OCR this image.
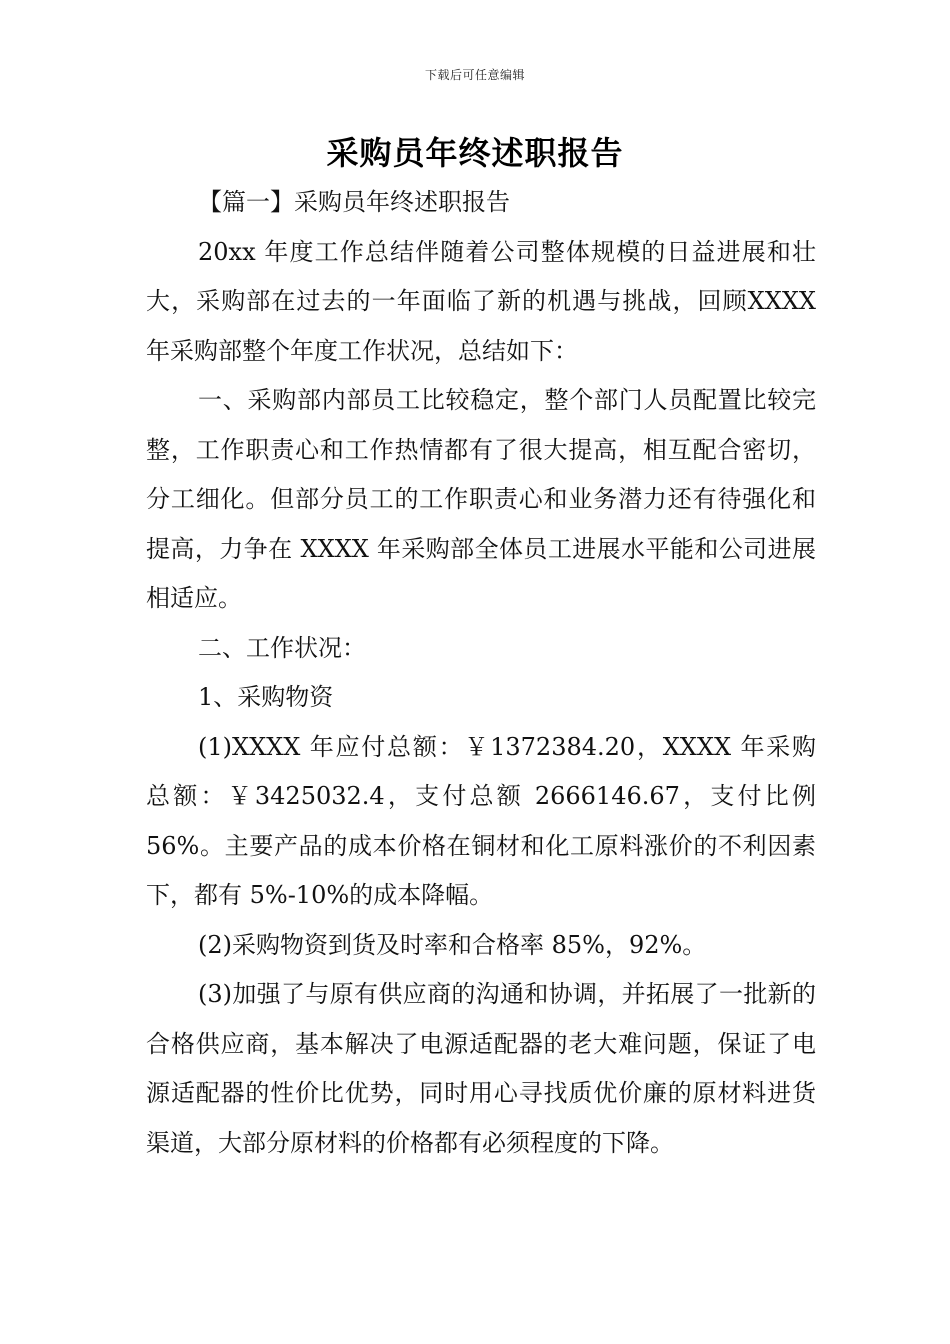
下载后可任意编辑
采购员年终述职报告

【篇一】采购员年终述职报告

20xx 年度工作总结伴随着公司整体规模的日益进展和壮大，采购部在过去的一年面临了新的机遇与挑战，回顾XXXX 年采购部整个年度工作状况，总结如下：

一、采购部内部员工比较稳定，整个部门人员配置比较完整，工作职责心和工作热情都有了很大提高，相互配合密切，分工细化。但部分员工的工作职责心和业务潜力还有待强化和提高，力争在 XXXX 年采购部全体员工进展水平能和公司进展相适应。

二、工作状况：

1、采购物资

(1)XXXX 年应付总额：￥1372384.20，XXXX 年采购总额：￥3425032.4，支付总额 2666146.67，支付比例 56%。主要产品的成本价格在铜材和化工原料涨价的不利因素下，都有 5%-10%的成本降幅。

(2)采购物资到货及时率和合格率 85%，92%。

(3)加强了与原有供应商的沟通和协调，并拓展了一批新的合格供应商，基本解决了电源适配器的老大难问题，保证了电源适配器的性价比优势，同时用心寻找质优价廉的原材料进货渠道，大部分原材料的价格都有必须程度的下降。
